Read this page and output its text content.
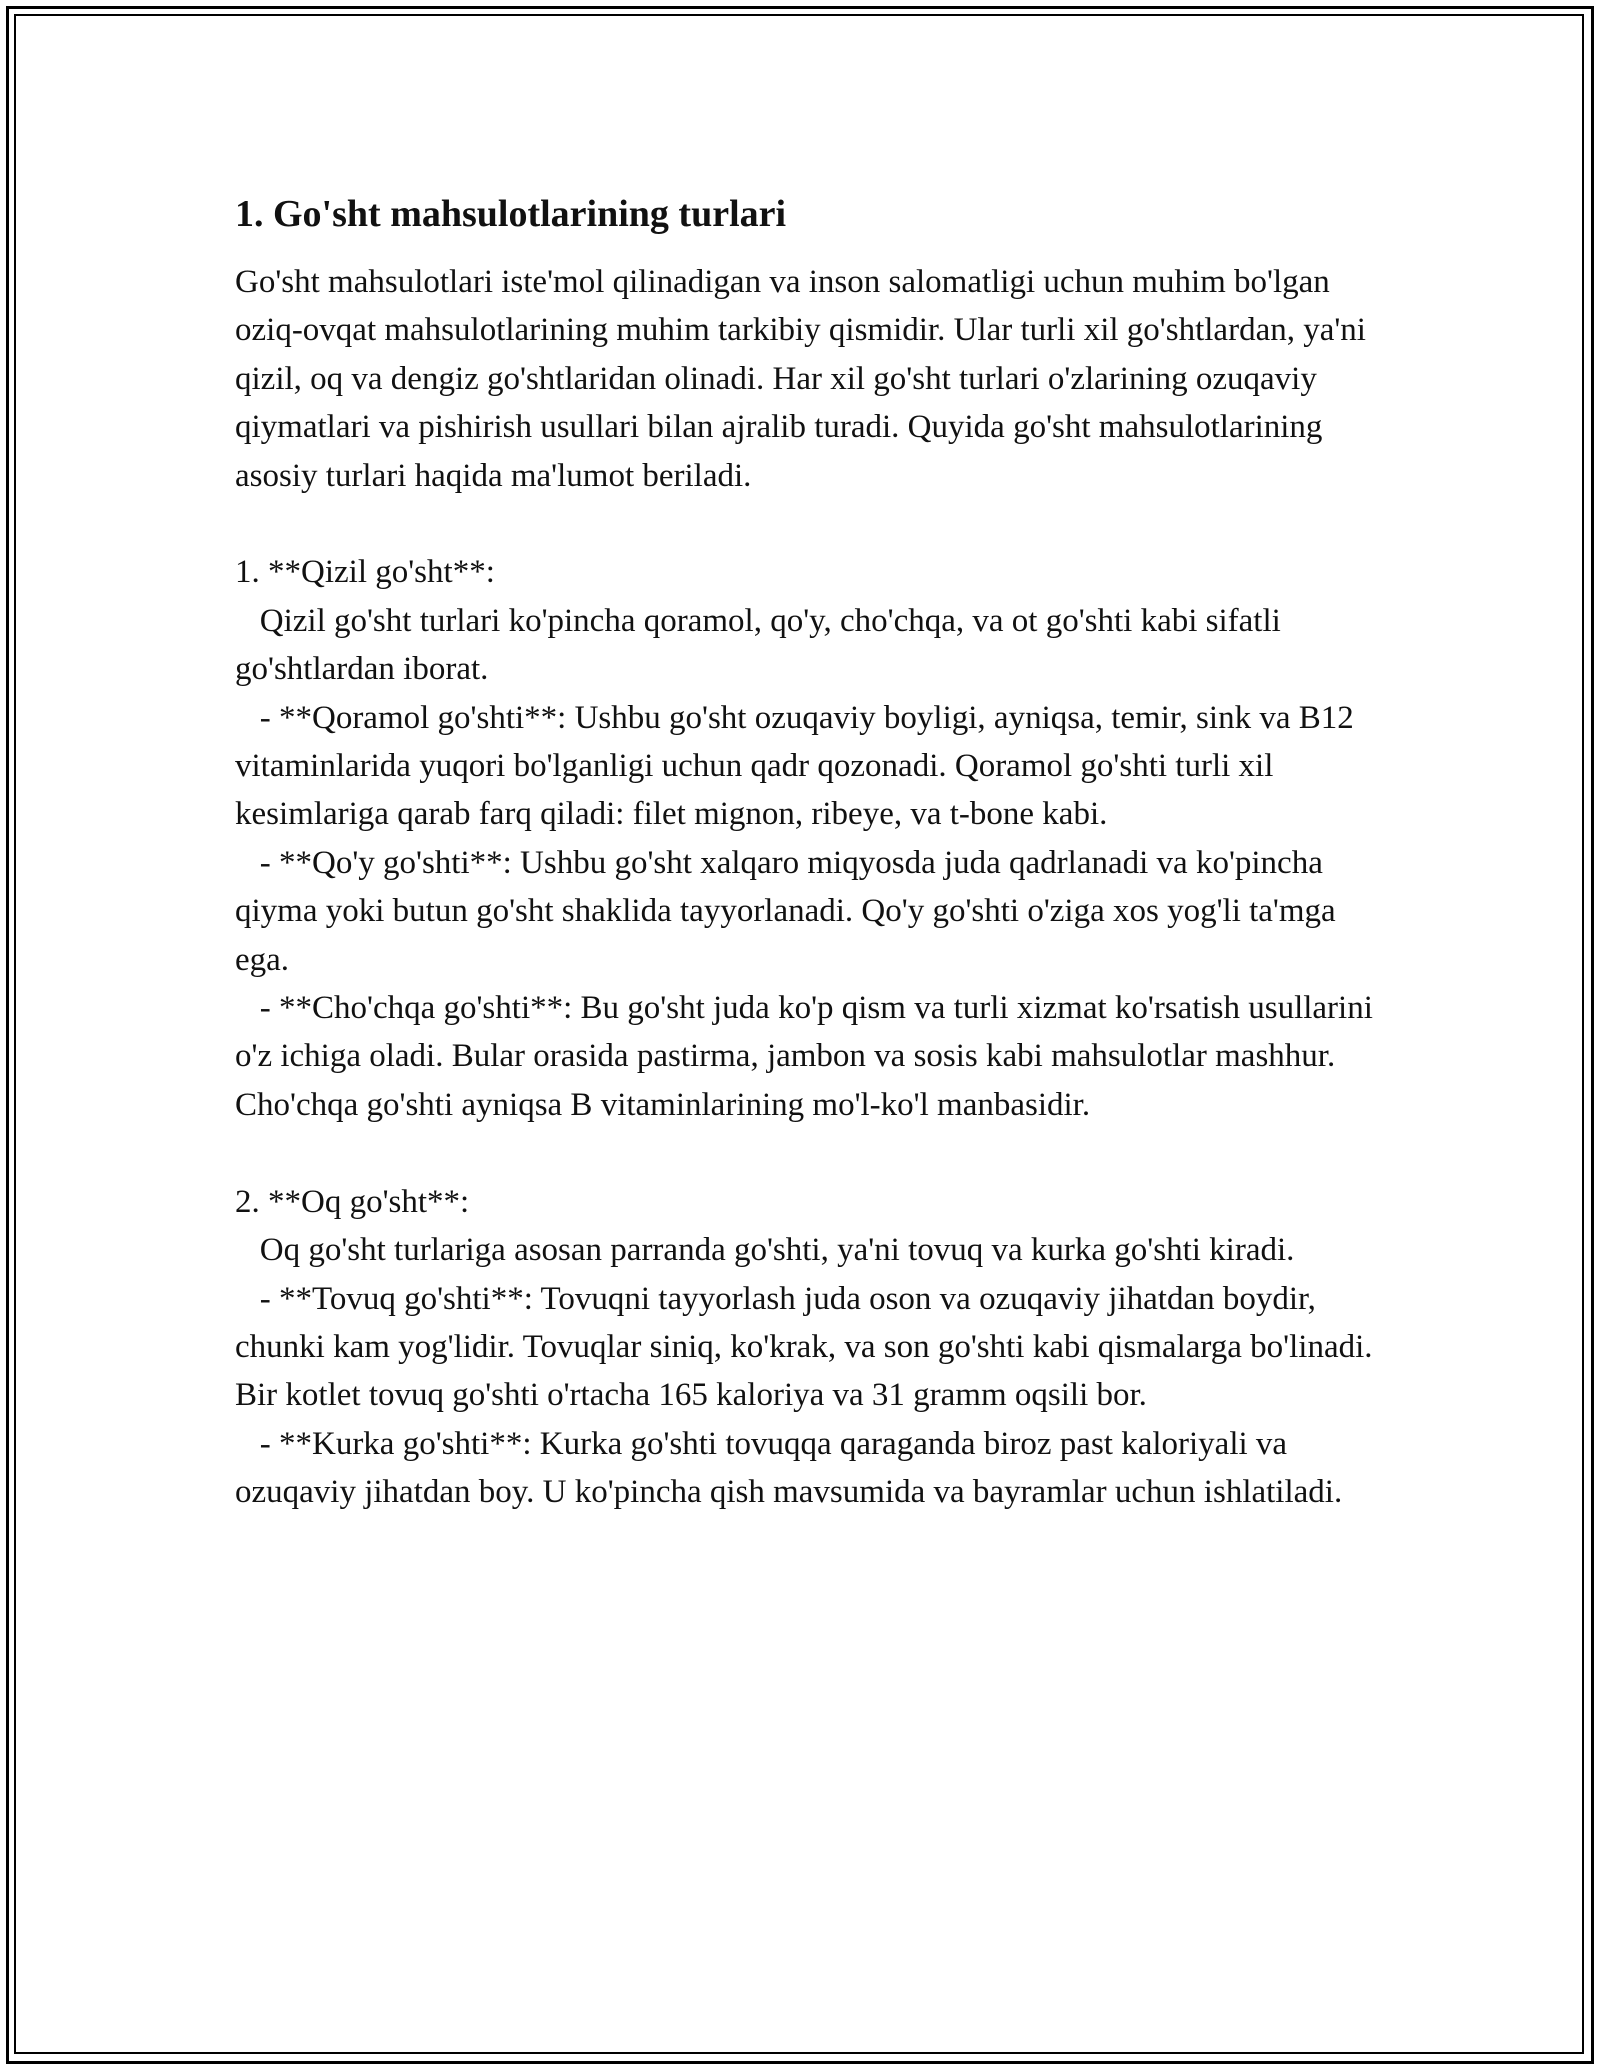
1. Go'sht mahsulotlarining turlari

Go'sht mahsulotlari iste'mol qilinadigan va inson salomatligi uchun muhim bo'lgan oziq-ovqat mahsulotlarining muhim tarkibiy qismidir. Ular turli xil go'shtlardan, ya'ni qizil, oq va dengiz go'shtlaridan olinadi. Har xil go'sht turlari o'zlarining ozuqaviy qiymatlari va pishirish usullari bilan ajralib turadi. Quyida go'sht mahsulotlarining asosiy turlari haqida ma'lumot beriladi.

1. **Qizil go'sht**:

Qizil go'sht turlari ko'pincha qoramol, qo'y, cho'chqa, va ot go'shti kabi sifatli go'shtlardan iborat.

- **Qoramol go'shti**: Ushbu go'sht ozuqaviy boyligi, ayniqsa, temir, sink va B12 vitaminlarida yuqori bo'lganligi uchun qadr qozonadi. Qoramol go'shti turli xil kesimlariga qarab farq qiladi: filet mignon, ribeye, va t-bone kabi.

- **Qo'y go'shti**: Ushbu go'sht xalqaro miqyosda juda qadrlanadi va ko'pincha qiyma yoki butun go'sht shaklida tayyorlanadi. Qo'y go'shti o'ziga xos yog'li ta'mga ega.

- **Cho'chqa go'shti**: Bu go'sht juda ko'p qism va turli xizmat ko'rsatish usullarini o'z ichiga oladi. Bular orasida pastirma, jambon va sosis kabi mahsulotlar mashhur. Cho'chqa go'shti ayniqsa B vitaminlarining mo'l-ko'l manbasidir.

2. **Oq go'sht**:

Oq go'sht turlariga asosan parranda go'shti, ya'ni tovuq va kurka go'shti kiradi.

- **Tovuq go'shti**: Tovuqni tayyorlash juda oson va ozuqaviy jihatdan boydir, chunki kam yog'lidir. Tovuqlar siniq, ko'krak, va son go'shti kabi qismalarga bo'linadi. Bir kotlet tovuq go'shti o'rtacha 165 kaloriya va 31 gramm oqsili bor.

- **Kurka go'shti**: Kurka go'shti tovuqqa qaraganda biroz past kaloriyali va ozuqaviy jihatdan boy. U ko'pincha qish mavsumida va bayramlar uchun ishlatiladi.
